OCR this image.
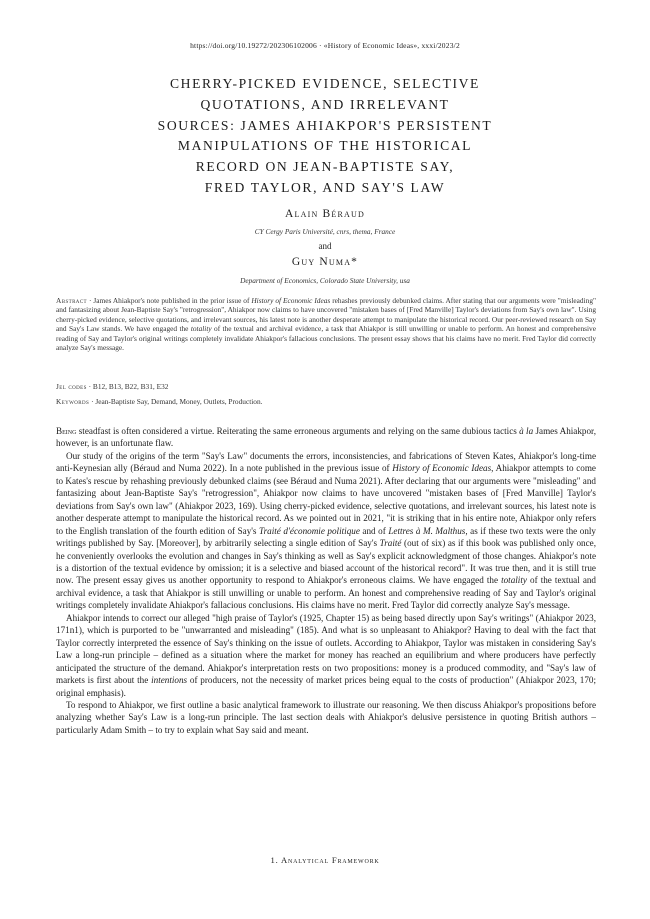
https://doi.org/10.19272/202306102006 · «History of Economic Ideas», xxxi/2023/2
CHERRY-PICKED EVIDENCE, SELECTIVE
QUOTATIONS, AND IRRELEVANT
SOURCES: JAMES AHIAKPOR'S PERSISTENT
MANIPULATIONS OF THE HISTORICAL
RECORD ON JEAN-BAPTISTE SAY,
FRED TAYLOR, AND SAY'S LAW
Alain Béraud
CY Cergy Paris Université, cnrs, thema, France
and
Guy Numa*
Department of Economics, Colorado State University, usa
Abstract · James Ahiakpor's note published in the prior issue of History of Economic Ideas rehashes previously debunked claims. After stating that our arguments were "misleading" and fantasizing about Jean-Baptiste Say's "retrogression", Ahiakpor now claims to have uncovered "mistaken bases of [Fred Manville] Taylor's deviations from Say's own law". Using cherry-picked evidence, selective quotations, and irrelevant sources, his latest note is another desperate attempt to manipulate the historical record. Our peer-reviewed research on Say and Say's Law stands. We have engaged the totality of the textual and archival evidence, a task that Ahiakpor is still unwilling or unable to perform. An honest and comprehensive reading of Say and Taylor's original writings completely invalidate Ahiakpor's fallacious conclusions. The present essay shows that his claims have no merit. Fred Taylor did correctly analyze Say's message.
Jel codes · B12, B13, B22, B31, E32
Keywords · Jean-Baptiste Say, Demand, Money, Outlets, Production.

Being steadfast is often considered a virtue. Reiterating the same erroneous arguments and relying on the same dubious tactics à la James Ahiakpor, however, is an unfortunate flaw.

Our study of the origins of the term "Say's Law" documents the errors, inconsistencies, and fabrications of Steven Kates, Ahiakpor's long-time anti-Keynesian ally (Béraud and Numa 2022). In a note published in the previous issue of History of Economic Ideas, Ahiakpor attempts to come to Kates's rescue by rehashing previously debunked claims (see Béraud and Numa 2021). After declaring that our arguments were "misleading" and fantasizing about Jean-Baptiste Say's "retrogression", Ahiakpor now claims to have uncovered "mistaken bases of [Fred Manville] Taylor's deviations from Say's own law" (Ahiakpor 2023, 169). Using cherry-picked evidence, selective quotations, and irrelevant sources, his latest note is another desperate attempt to manipulate the historical record. As we pointed out in 2021, "it is striking that in his entire note, Ahiakpor only refers to the English translation of the fourth edition of Say's Traité d'économie politique and of Lettres à M. Malthus, as if these two texts were the only writings published by Say. [Moreover], by arbitrarily selecting a single edition of Say's Traité (out of six) as if this book was published only once, he conveniently overlooks the evolution and changes in Say's thinking as well as Say's explicit acknowledgment of those changes. Ahiakpor's note is a distortion of the textual evidence by omission; it is a selective and biased account of the historical record". It was true then, and it is still true now. The present essay gives us another opportunity to respond to Ahiakpor's erroneous claims. We have engaged the totality of the textual and archival evidence, a task that Ahiakpor is still unwilling or unable to perform. An honest and comprehensive reading of Say and Taylor's original writings completely invalidate Ahiakpor's fallacious conclusions. His claims have no merit. Fred Taylor did correctly analyze Say's message.

Ahiakpor intends to correct our alleged "high praise of Taylor's (1925, Chapter 15) as being based directly upon Say's writings" (Ahiakpor 2023, 171n1), which is purported to be "unwarranted and misleading" (185). And what is so unpleasant to Ahiakpor? Having to deal with the fact that Taylor correctly interpreted the essence of Say's thinking on the issue of outlets. According to Ahiakpor, Taylor was mistaken in considering Say's Law a long-run principle – defined as a situation where the market for money has reached an equilibrium and where producers have perfectly anticipated the structure of the demand. Ahiakpor's interpretation rests on two propositions: money is a produced commodity, and "Say's law of markets is first about the intentions of producers, not the necessity of market prices being equal to the costs of production" (Ahiakpor 2023, 170; original emphasis).

To respond to Ahiakpor, we first outline a basic analytical framework to illustrate our reasoning. We then discuss Ahiakpor's propositions before analyzing whether Say's Law is a long-run principle. The last section deals with Ahiakpor's delusive persistence in quoting British authors – particularly Adam Smith – to try to explain what Say said and meant.

1. Analytical Framework
